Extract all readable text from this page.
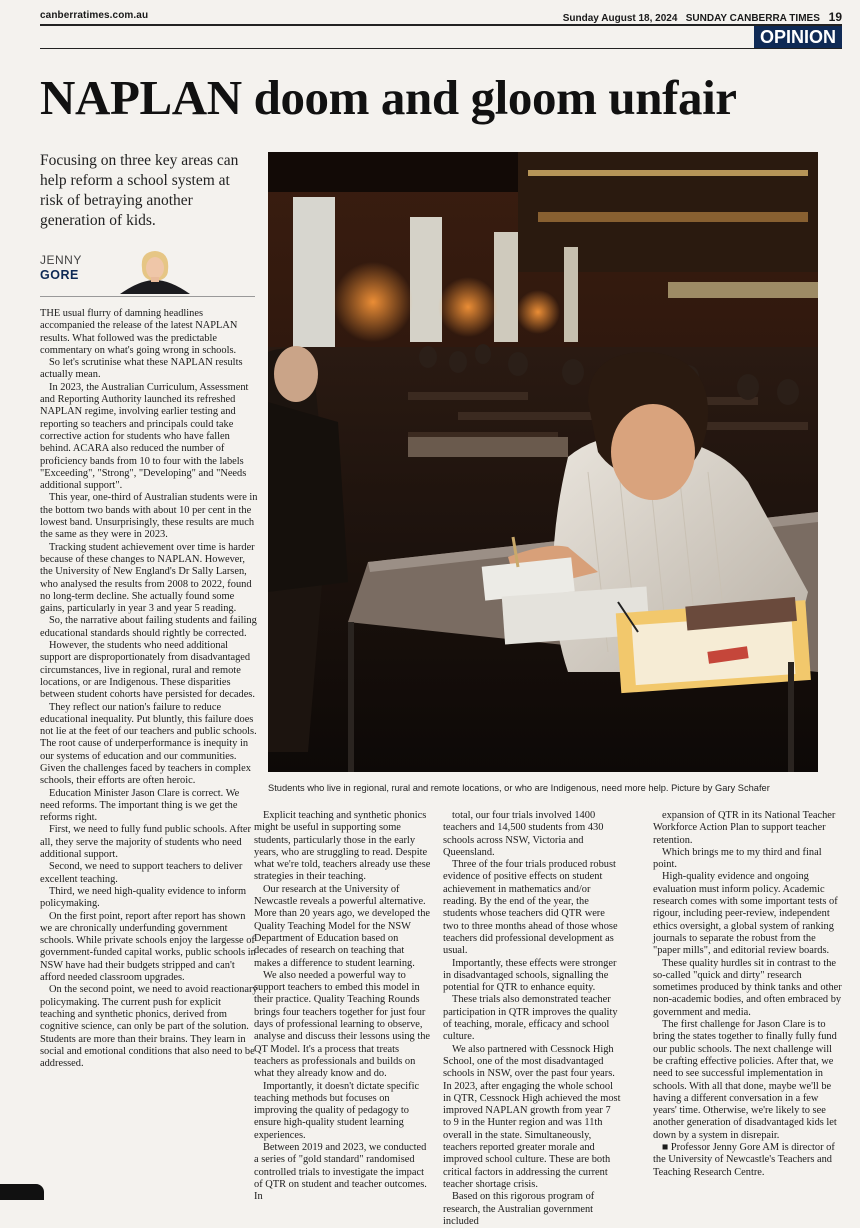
canberratimes.com.au	Sunday August 18, 2024 SUNDAY CANBERRA TIMES 19
OPINION
NAPLAN doom and gloom unfair
Focusing on three key areas can help reform a school system at risk of betraying another generation of kids.
JENNY
GORE
Students who live in regional, rural and remote locations, or who are Indigenous, need more help. Picture by Gary Schafer

THE usual flurry of damning headlines accompanied the release of the latest NAPLAN results. What followed was the predictable commentary on what's going wrong in schools.

So let's scrutinise what these NAPLAN results actually mean.

In 2023, the Australian Curriculum, Assessment and Reporting Authority launched its refreshed NAPLAN regime, involving earlier testing and reporting so teachers and principals could take corrective action for students who have fallen behind. ACARA also reduced the number of proficiency bands from 10 to four with the labels "Exceeding", "Strong", "Developing" and "Needs additional support".

This year, one-third of Australian students were in the bottom two bands with about 10 per cent in the lowest band. Unsurprisingly, these results are much the same as they were in 2023.

Tracking student achievement over time is harder because of these changes to NAPLAN. However, the University of New England's Dr Sally Larsen, who analysed the results from 2008 to 2022, found no long-term decline. She actually found some gains, particularly in year 3 and year 5 reading.

So, the narrative about failing students and failing educational standards should rightly be corrected.

However, the students who need additional support are disproportionately from disadvantaged circumstances, live in regional, rural and remote locations, or are Indigenous. These disparities between student cohorts have persisted for decades.

They reflect our nation's failure to reduce educational inequality. Put bluntly, this failure does not lie at the feet of our teachers and public schools. The root cause of underperformance is inequity in our systems of education and our communities. Given the challenges faced by teachers in complex schools, their efforts are often heroic.

Education Minister Jason Clare is correct. We need reforms. The important thing is we get the reforms right.

First, we need to fully fund public schools. After all, they serve the majority of students who need additional support.

Second, we need to support teachers to deliver excellent teaching.

Third, we need high-quality evidence to inform policymaking.

On the first point, report after report has shown we are chronically underfunding government schools. While private schools enjoy the largesse of government-funded capital works, public schools in NSW have had their budgets stripped and can't afford needed classroom upgrades.

On the second point, we need to avoid reactionary policymaking. The current push for explicit teaching and synthetic phonics, derived from cognitive science, can only be part of the solution. Students are more than their brains. They learn in social and emotional conditions that also need to be addressed.

Explicit teaching and synthetic phonics might be useful in supporting some students, particularly those in the early years, who are struggling to read. Despite what we're told, teachers already use these strategies in their teaching.

Our research at the University of Newcastle reveals a powerful alternative. More than 20 years ago, we developed the Quality Teaching Model for the NSW Department of Education based on decades of research on teaching that makes a difference to student learning.

We also needed a powerful way to support teachers to embed this model in their practice. Quality Teaching Rounds brings four teachers together for just four days of professional learning to observe, analyse and discuss their lessons using the QT Model. It's a process that treats teachers as professionals and builds on what they already know and do.

Importantly, it doesn't dictate specific teaching methods but focuses on improving the quality of pedagogy to ensure high-quality student learning experiences.

Between 2019 and 2023, we conducted a series of "gold standard" randomised controlled trials to investigate the impact of QTR on student and teacher outcomes. In

total, our four trials involved 1400 teachers and 14,500 students from 430 schools across NSW, Victoria and Queensland.

Three of the four trials produced robust evidence of positive effects on student achievement in mathematics and/or reading. By the end of the year, the students whose teachers did QTR were two to three months ahead of those whose teachers did professional development as usual.

Importantly, these effects were stronger in disadvantaged schools, signalling the potential for QTR to enhance equity.

These trials also demonstrated teacher participation in QTR improves the quality of teaching, morale, efficacy and school culture.

We also partnered with Cessnock High School, one of the most disadvantaged schools in NSW, over the past four years. In 2023, after engaging the whole school in QTR, Cessnock High achieved the most improved NAPLAN growth from year 7 to 9 in the Hunter region and was 11th overall in the state. Simultaneously, teachers reported greater morale and improved school culture. These are both critical factors in addressing the current teacher shortage crisis.

Based on this rigorous program of research, the Australian government included

expansion of QTR in its National Teacher Workforce Action Plan to support teacher retention.

Which brings me to my third and final point.

High-quality evidence and ongoing evaluation must inform policy. Academic research comes with some important tests of rigour, including peer-review, independent ethics oversight, a global system of ranking journals to separate the robust from the "paper mills", and editorial review boards.

These quality hurdles sit in contrast to the so-called "quick and dirty" research sometimes produced by think tanks and other non-academic bodies, and often embraced by government and media.

The first challenge for Jason Clare is to bring the states together to finally fully fund our public schools. The next challenge will be crafting effective policies. After that, we need to see successful implementation in schools. With all that done, maybe we'll be having a different conversation in a few years' time. Otherwise, we're likely to see another generation of disadvantaged kids let down by a system in disrepair.

■ Professor Jenny Gore AM is director of the University of Newcastle's Teachers and Teaching Research Centre.
